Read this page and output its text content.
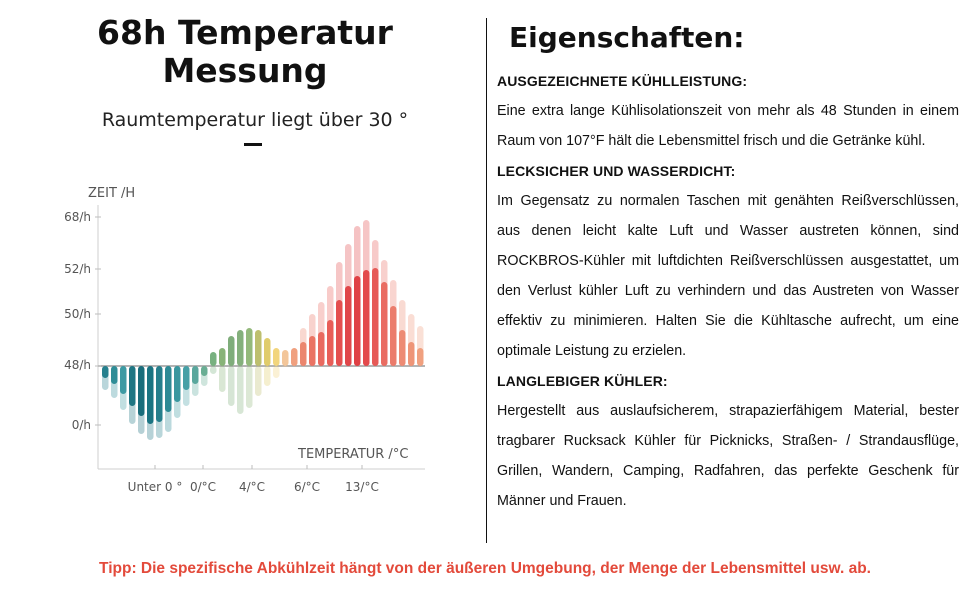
68h Temperatur
Messung
Raumtemperatur liegt über 30 °
ZEIT /H
TEMPERATUR /°C
68/h
52/h
50/h
48/h
0/h
Unter 0 ° 0/°C 4/°C 6/°C 13/°C
Eigenschaften:
AUSGEZEICHNETE KÜHLLEISTUNG:
Eine extra lange Kühlisolationszeit von mehr als 48 Stunden in einem Raum von 107°F hält die Lebensmittel frisch und die Getränke kühl.
LECKSICHER UND WASSERDICHT:
Im Gegensatz zu normalen Taschen mit genähten Reißverschlüssen, aus denen leicht kalte Luft und Wasser austreten können, sind ROCKBROS-Kühler mit luftdichten Reißverschlüssen ausgestattet, um den Verlust kühler Luft zu verhindern und das Austreten von Wasser effektiv zu minimieren. Halten Sie die Kühltasche aufrecht, um eine optimale Leistung zu erzielen.
LANGLEBIGER KÜHLER:
Hergestellt aus auslaufsicherem, strapazierfähigem Material, bester tragbarer Rucksack Kühler für Picknicks, Straßen- / Strandausflüge, Grillen, Wandern, Camping, Radfahren, das perfekte Geschenk für Männer und Frauen.
Tipp: Die spezifische Abkühlzeit hängt von der äußeren Umgebung, der Menge der Lebensmittel usw. ab.
